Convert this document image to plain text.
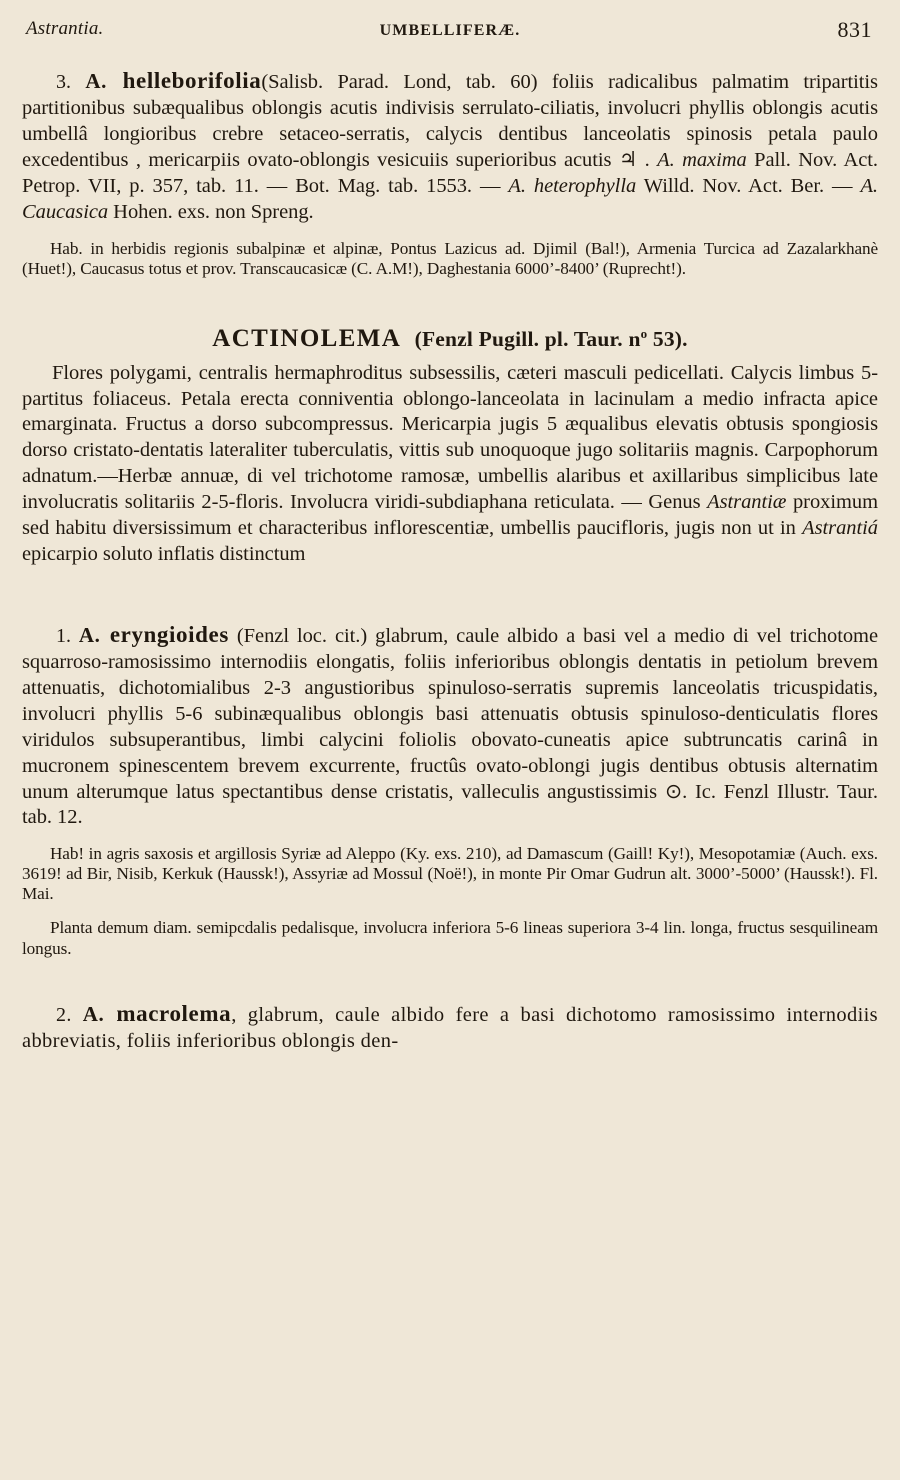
Astrantia.	UMBELLIFERÆ.	831
3. A. helleborifolia(Salisb. Parad. Lond, tab. 60) foliis radicalibus palmatim tripartitis partitionibus subæqualibus oblongis acutis indivisis serrulato-ciliatis, involucri phyllis oblongis acutis umbellâ longioribus crebre setaceo-serratis, calycis dentibus lanceolatis spinosis petala paulo excedentibus , mericarpiis ovato-oblongis vesicuiis superioribus acutis ♃ . A. maxima Pall. Nov. Act. Petrop. VII, p. 357, tab. 11. — Bot. Mag. tab. 1553. — A. heterophylla Willd. Nov. Act. Ber. — A. Caucasica Hohen. exs. non Spreng.
Hab. in herbidis regionis subalpinæ et alpinæ, Pontus Lazicus ad. Djimil (Bal!), Armenia Turcica ad Zazalarkhanè (Huet!), Caucasus totus et prov. Transcaucasicæ (C. A.M!), Daghestania 6000’-8400’ (Ruprecht!).
ACTINOLEMA (Fenzl Pugill. pl. Taur. $n^o$ 53).
Flores polygami, centralis hermaphroditus subsessilis, cæteri masculi pedicellati. Calycis limbus 5-partitus foliaceus. Petala erecta conniventia oblongo-lanceolata in lacinulam a medio infracta apice emarginata. Fructus a dorso subcompressus. Mericarpia jugis 5 æqualibus elevatis obtusis spongiosis dorso cristato-dentatis lateraliter tuberculatis, vittis sub unoquoque jugo solitariis magnis. Carpophorum adnatum.—Herbæ annuæ, di vel trichotome ramosæ, umbellis alaribus et axillaribus simplicibus late involucratis solitariis 2-5-floris. Involucra viridi-subdiaphana reticulata. — Genus Astrantiæ proximum sed habitu diversissimum et characteribus inflorescentiæ, umbellis paucifloris, jugis non ut in Astrantiá epicarpio soluto inflatis distinctum
1. A. eryngioides (Fenzl loc. cit.) glabrum, caule albido a basi vel a medio di vel trichotome squarroso-ramosissimo internodiis elongatis, foliis inferioribus oblongis dentatis in petiolum brevem attenuatis, dichotomialibus 2-3 angustioribus spinuloso-serratis supremis lanceolatis tricuspidatis, involucri phyllis 5-6 subinæqualibus oblongis basi attenuatis obtusis spinuloso-denticulatis flores viridulos subsuperantibus, limbi calycini foliolis obovato-cuneatis apice subtruncatis carinâ in mucronem spinescentem brevem excurrente, fructûs ovato-oblongi jugis dentibus obtusis alternatim unum alterumque latus spectantibus dense cristatis, valleculis angustissimis ⊙. Ic. Fenzl Illustr. Taur. tab. 12.
Hab! in agris saxosis et argillosis Syriæ ad Aleppo (Ky. exs. 210), ad Damascum (Gaill! Ky!), Mesopotamiæ (Auch. exs. 3619! ad Bir, Nisib, Kerkuk (Haussk!), Assyriæ ad Mossul (Noë!), in monte Pir Omar Gudrun alt. 3000’-5000’ (Haussk!). Fl. Mai.
Planta demum diam. semipcdalis pedalisque, involucra inferiora 5-6 lineas superiora 3-4 lin. longa, fructus sesquilineam longus.
2. A. macrolema, glabrum, caule albido fere a basi dichotomo ramosissimo internodiis abbreviatis, foliis inferioribus oblongis den-
